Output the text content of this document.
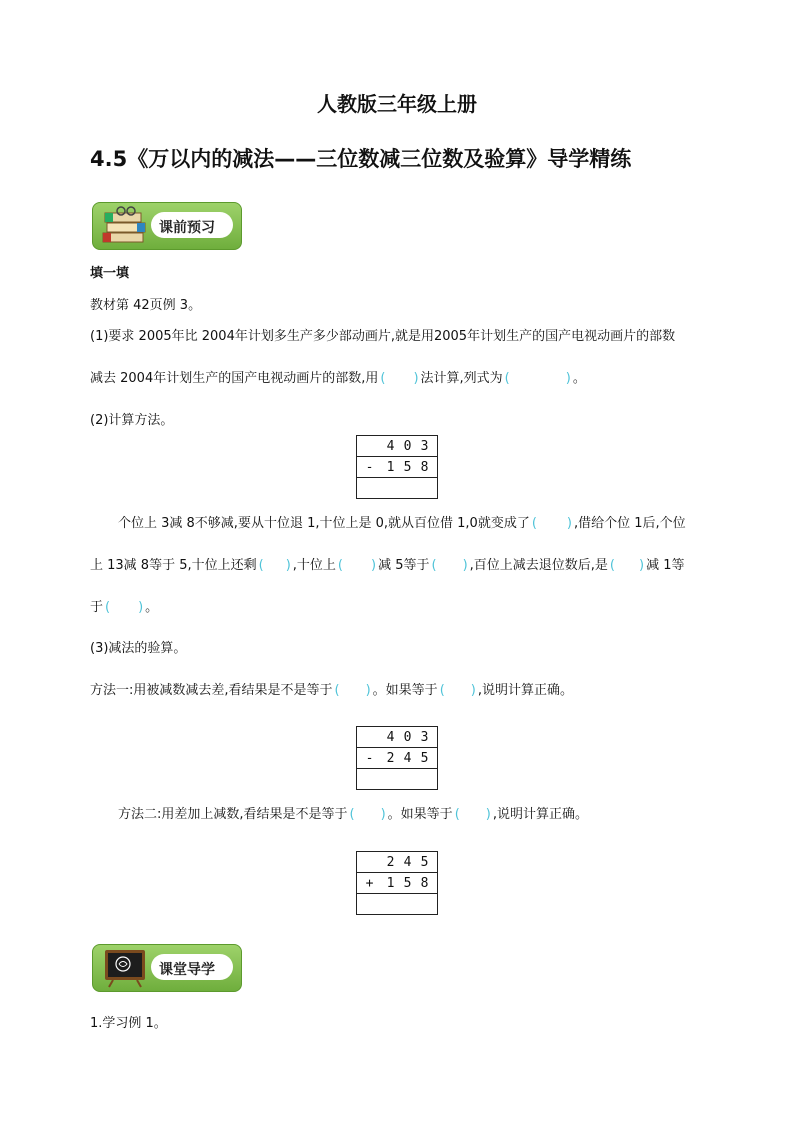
人教版三年级上册
4.5《万以内的减法——三位数减三位数及验算》导学精练
课前预习
填一填
教材第 42页例 3。
(1)要求 2005年比 2004年计划多生产多少部动画片,就是用2005年计划生产的国产电视动画片的部数
减去 2004年计划生产的国产电视动画片的部数,用 (  )	法计算,列式为 (  )	。
(2)计算方法。
4 0 3

-	1 5 8

个位上 3减 8不够减,要从十位退 1,十位上是 0,就从百位借 1,0就变成了 (  )	,借给个位 1后,个位
上 13减 8等于 5,十位上还剩 (  )	,十位上 (  )	减 5等于 (  )	,百位上减去退位数后,是 (  )	减 1等
于 (  )	。
(3)减法的验算。
方法一:用被减数减去差,看结果是不是等于 (  )	。如果等于 (  )	,说明计算正确。
4 0 3

-	2 4 5

方法二:用差加上减数,看结果是不是等于 (  )	。如果等于 (  )	,说明计算正确。
2 4 5

+	1 5 8

课堂导学
1.学习例 1。
